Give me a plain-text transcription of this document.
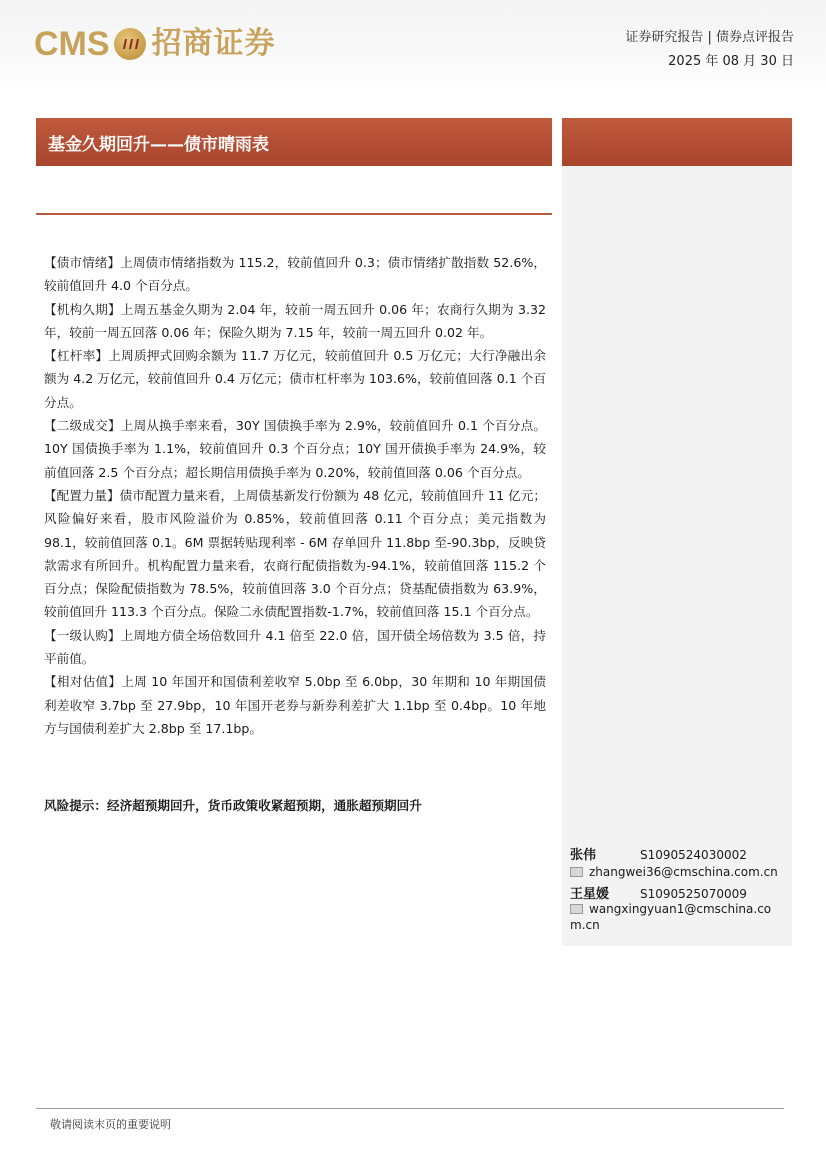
CMS 招商证券	证券研究报告 | 债券点评报告
2025 年 08 月 30 日
基金久期回升——债市晴雨表

【债市情绪】上周债市情绪指数为 115.2，较前值回升 0.3；债市情绪扩散指数 52.6%，较前值回升 4.0 个百分点。

【机构久期】上周五基金久期为 2.04 年，较前一周五回升 0.06 年；农商行久期为 3.32 年，较前一周五回落 0.06 年；保险久期为 7.15 年，较前一周五回升 0.02 年。

【杠杆率】上周质押式回购余额为 11.7 万亿元，较前值回升 0.5 万亿元；大行净融出余额为 4.2 万亿元，较前值回升 0.4 万亿元；债市杠杆率为 103.6%，较前值回落 0.1 个百分点。

【二级成交】上周从换手率来看，30Y 国债换手率为 2.9%，较前值回升 0.1 个百分点。10Y 国债换手率为 1.1%，较前值回升 0.3 个百分点；10Y 国开债换手率为 24.9%，较前值回落 2.5 个百分点；超长期信用债换手率为 0.20%，较前值回落 0.06 个百分点。

【配置力量】债市配置力量来看，上周债基新发行份额为 48 亿元，较前值回升 11 亿元；风险偏好来看，股市风险溢价为 0.85%，较前值回落 0.11 个百分点；美元指数为 98.1，较前值回落 0.1。6M 票据转贴现利率 - 6M 存单回升 11.8bp 至-90.3bp，反映贷款需求有所回升。机构配置力量来看，农商行配债指数为-94.1%，较前值回落 115.2 个百分点；保险配债指数为 78.5%，较前值回落 3.0 个百分点；贷基配债指数为 63.9%，较前值回升 113.3 个百分点。保险二永债配置指数-1.7%，较前值回落 15.1 个百分点。

【一级认购】上周地方债全场倍数回升 4.1 倍至 22.0 倍，国开债全场倍数为 3.5 倍，持平前值。

【相对估值】上周 10 年国开和国债利差收窄 5.0bp 至 6.0bp，30 年期和 10 年期国债利差收窄 3.7bp 至 27.9bp，10 年国开老券与新券利差扩大 1.1bp 至 0.4bp。10 年地方与国债利差扩大 2.8bp 至 17.1bp。

风险提示：经济超预期回升，货币政策收紧超预期，通胀超预期回升
张伟	S1090524030002
zhangwei36@cmschina.com.cn
王星媛	S1090525070009
wangxingyuan1@cmschina.com.cn
敬请阅读末页的重要说明
